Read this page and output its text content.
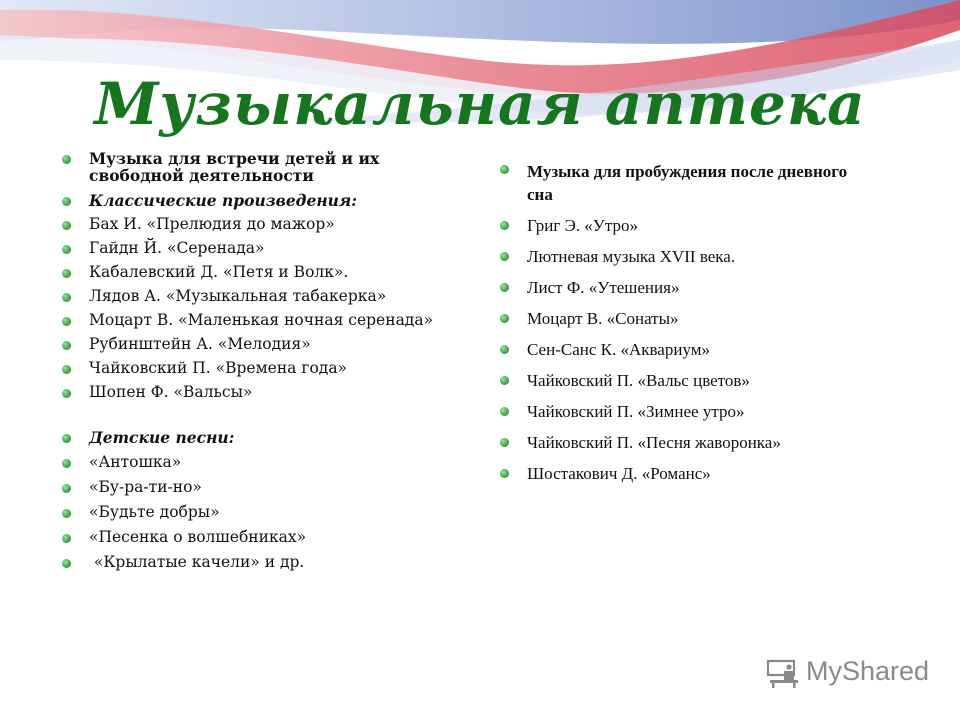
Музыкальная аптека
Музыка для встречи детей и их свободной деятельности
Классические произведения:
Бах И. «Прелюдия до мажор»
Гайдн Й. «Серенада»
Кабалевский Д. «Петя и Волк».
Лядов А. «Музыкальная табакерка»
Моцарт В. «Маленькая ночная серенада»
Рубинштейн А. «Мелодия»
Чайковский П. «Времена года»
Шопен Ф. «Вальсы»
Детские песни:
«Антошка»
«Бу-ра-ти-но»
«Будьте добры»
«Песенка о волшебниках»
«Крылатые качели» и др.
Музыка для пробуждения после дневного сна
Григ Э. «Утро»
Лютневая музыка XVII века.
Лист Ф. «Утешения»
Моцарт В. «Сонаты»
Сен-Санс К. «Аквариум»
Чайковский П. «Вальс цветов»
Чайковский П. «Зимнее утро»
Чайковский П. «Песня жаворонка»
Шостакович Д. «Романс»
MyShared
